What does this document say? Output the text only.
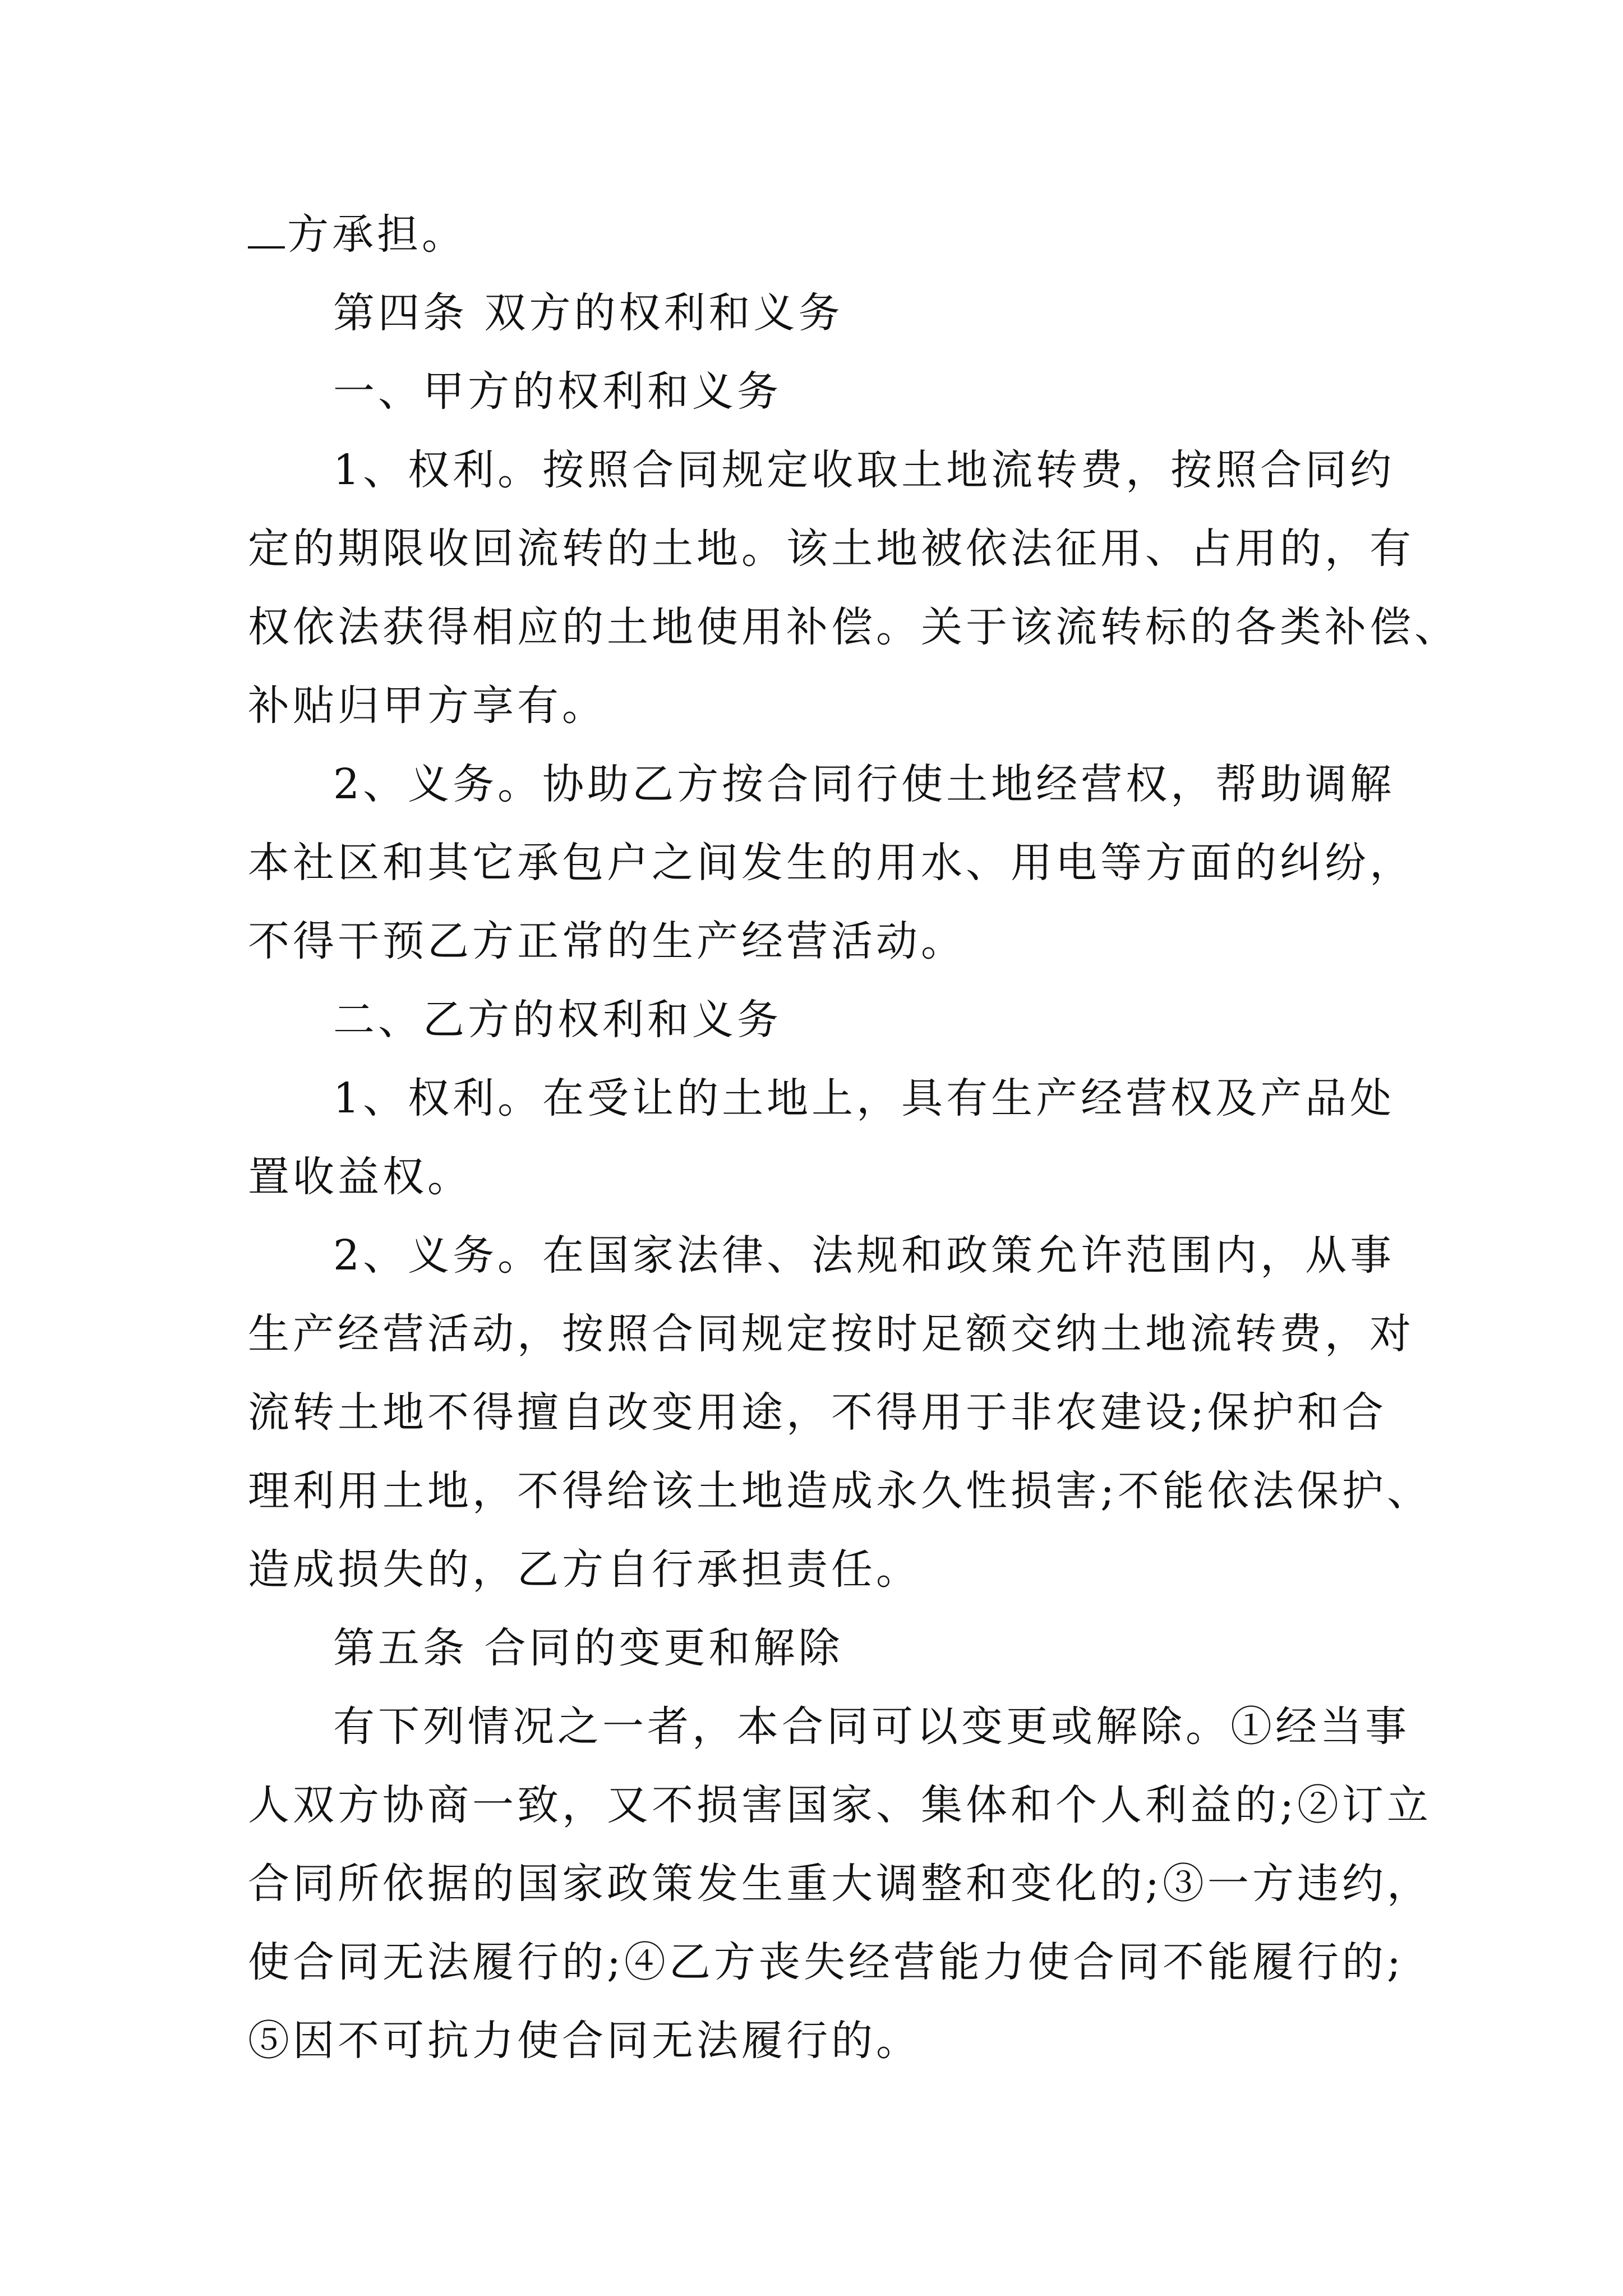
方承担。
第四条 双方的权利和义务
一、甲方的权利和义务
1、权利。按照合同规定收取土地流转费，按照合同约
定的期限收回流转的土地。该土地被依法征用、占用的，有
权依法获得相应的土地使用补偿。关于该流转标的各类补偿、
补贴归甲方享有。
2、义务。协助乙方按合同行使土地经营权，帮助调解
本社区和其它承包户之间发生的用水、用电等方面的纠纷，
不得干预乙方正常的生产经营活动。
二、乙方的权利和义务
1、权利。在受让的土地上，具有生产经营权及产品处
置收益权。
2、义务。在国家法律、法规和政策允许范围内，从事
生产经营活动，按照合同规定按时足额交纳土地流转费，对
流转土地不得擅自改变用途，不得用于非农建设;保护和合
理利用土地，不得给该土地造成永久性损害;不能依法保护、
造成损失的，乙方自行承担责任。
第五条 合同的变更和解除
有下列情况之一者，本合同可以变更或解除。①经当事
人双方协商一致，又不损害国家、集体和个人利益的;②订立
合同所依据的国家政策发生重大调整和变化的;③一方违约，
使合同无法履行的;④乙方丧失经营能力使合同不能履行的;
⑤因不可抗力使合同无法履行的。
